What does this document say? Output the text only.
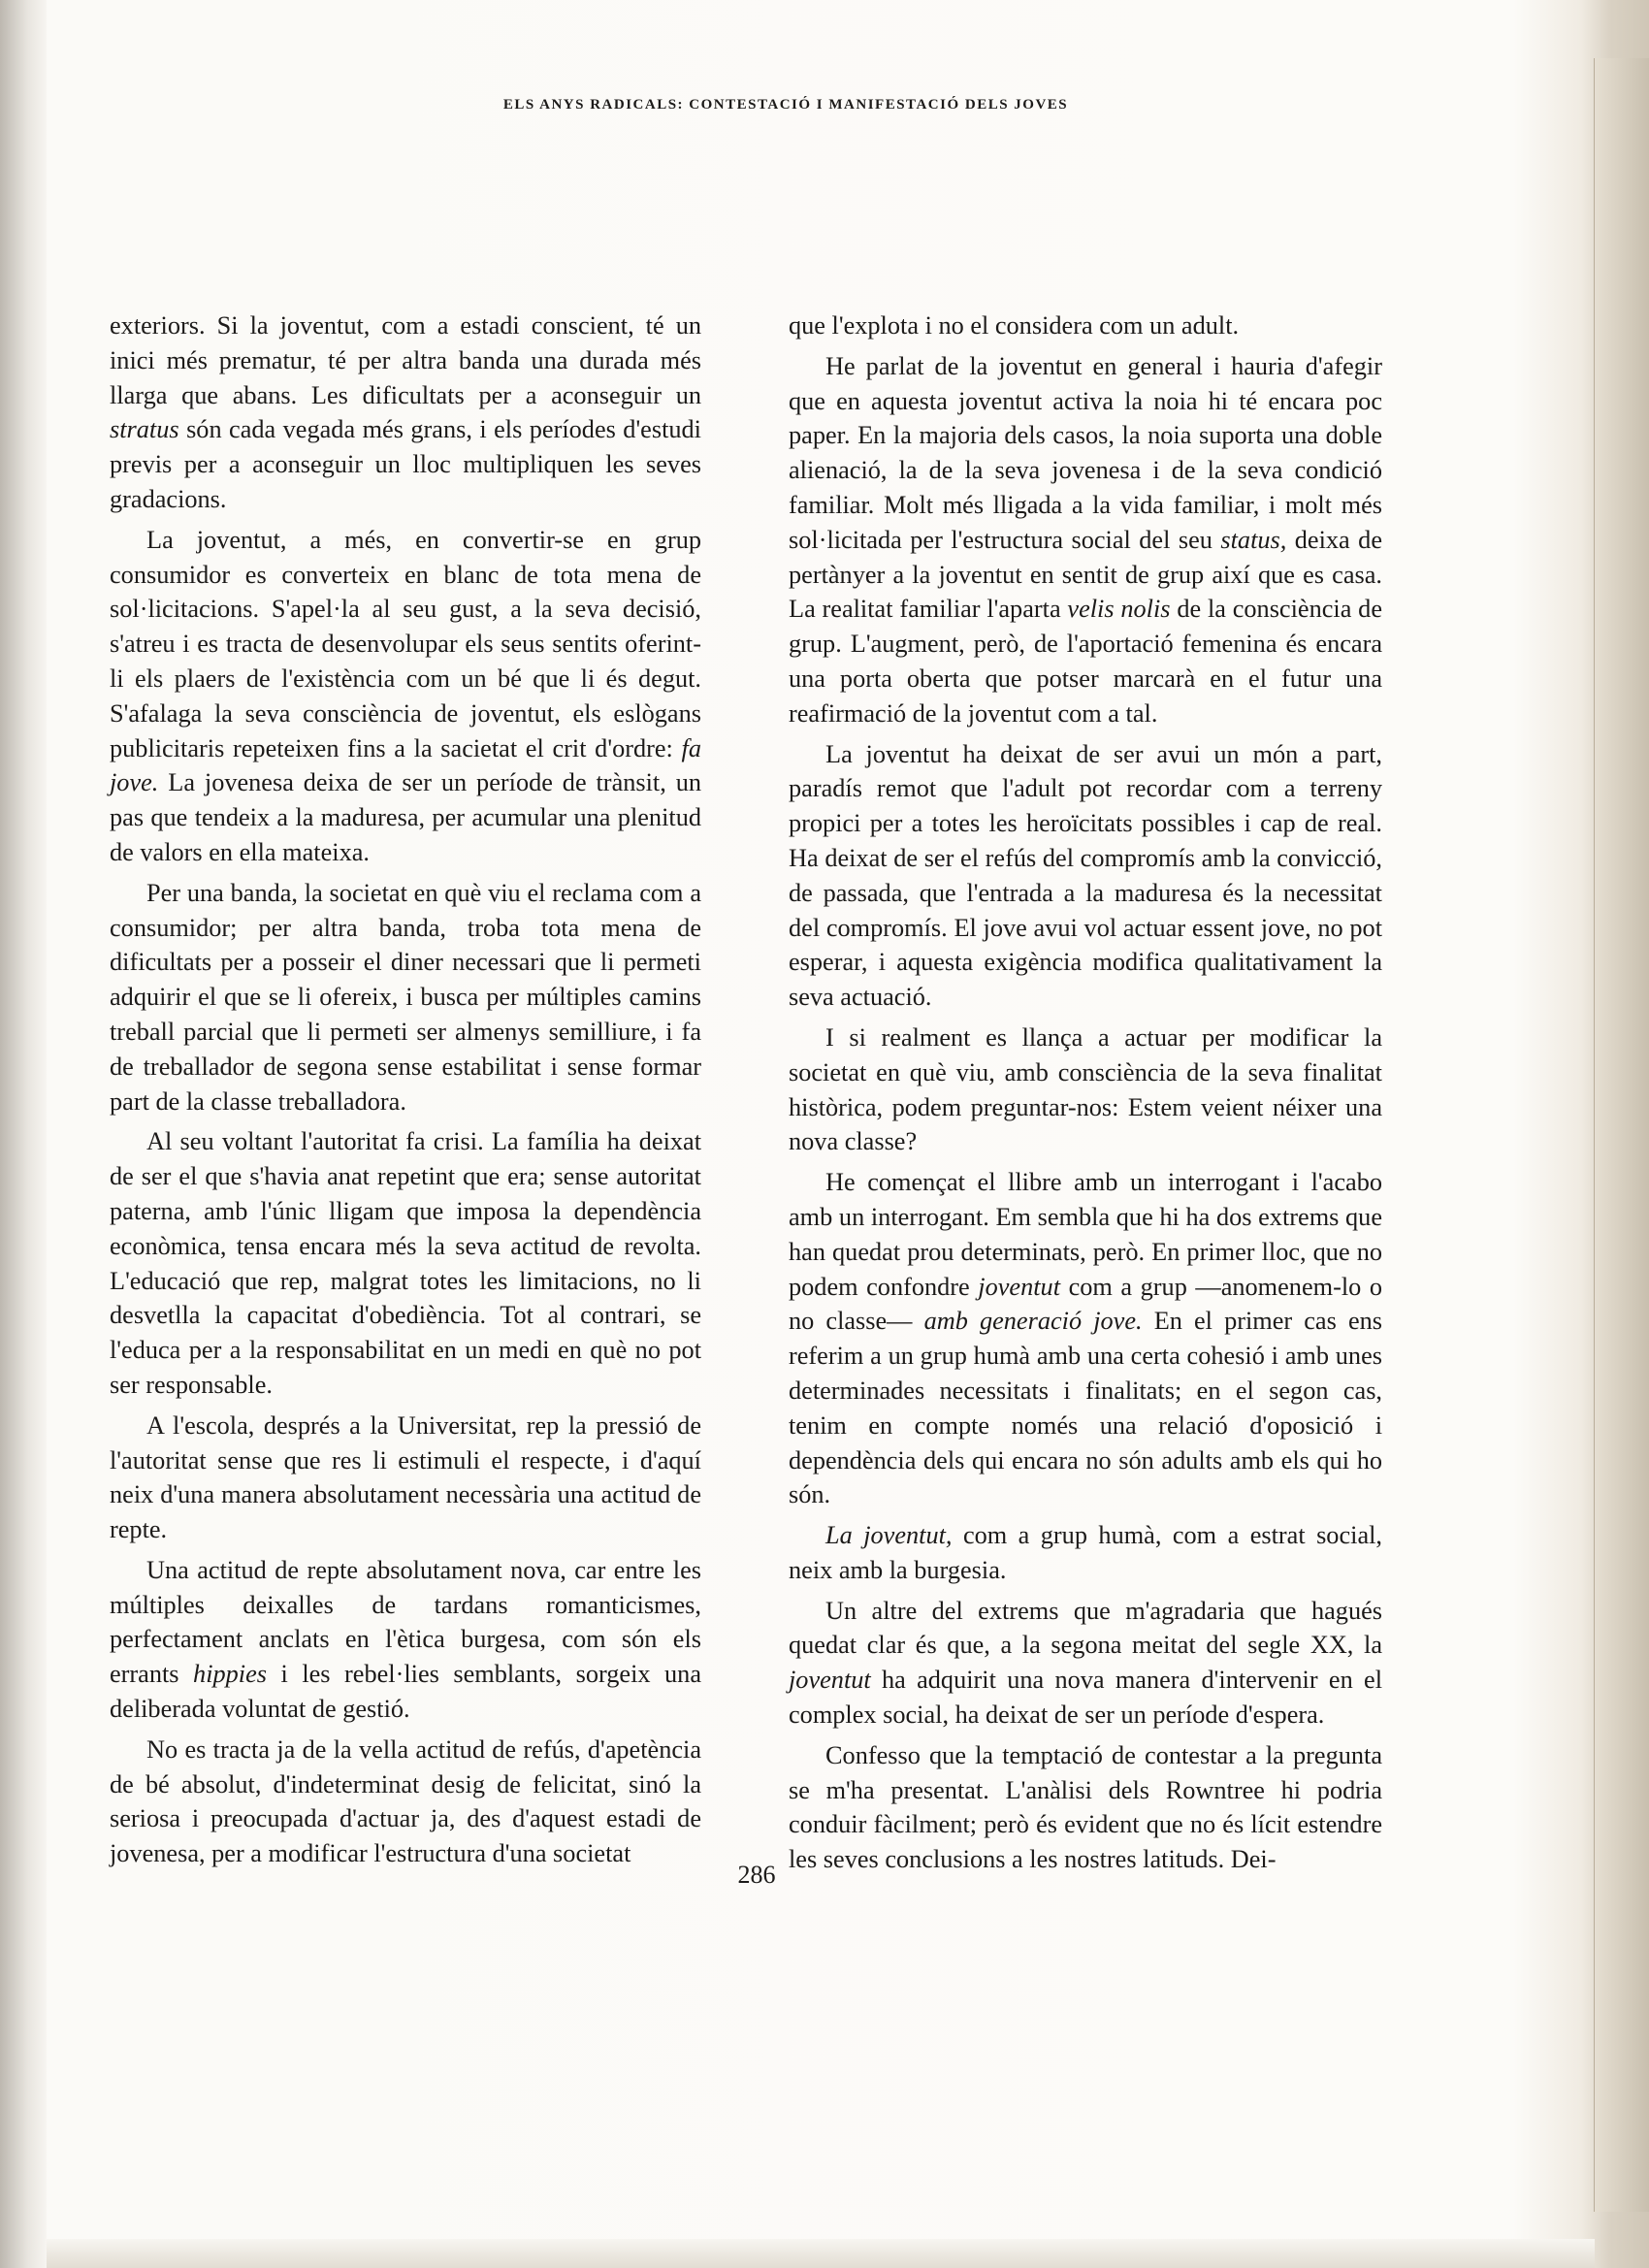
ELS ANYS RADICALS: CONTESTACIÓ I MANIFESTACIÓ DELS JOVES

exteriors. Si la joventut, com a estadi conscient, té un inici més prematur, té per altra banda una durada més llarga que abans. Les dificultats per a aconseguir un stratus són cada vegada més grans, i els períodes d'estudi previs per a aconseguir un lloc multipliquen les seves gradacions.

La joventut, a més, en convertir-se en grup consumidor es converteix en blanc de tota mena de sol·licitacions. S'apel·la al seu gust, a la seva decisió, s'atreu i es tracta de desenvolupar els seus sentits oferint-li els plaers de l'existència com un bé que li és degut. S'afalaga la seva consciència de joventut, els eslògans publicitaris repeteixen fins a la sacietat el crit d'ordre: fa jove. La jovenesa deixa de ser un període de trànsit, un pas que tendeix a la maduresa, per acumular una plenitud de valors en ella mateixa.

Per una banda, la societat en què viu el reclama com a consumidor; per altra banda, troba tota mena de dificultats per a posseir el diner necessari que li permeti adquirir el que se li ofereix, i busca per múltiples camins treball parcial que li permeti ser almenys semilliure, i fa de treballador de segona sense estabilitat i sense formar part de la classe treballadora.

Al seu voltant l'autoritat fa crisi. La família ha deixat de ser el que s'havia anat repetint que era; sense autoritat paterna, amb l'únic lligam que imposa la dependència econòmica, tensa encara més la seva actitud de revolta. L'educació que rep, malgrat totes les limitacions, no li desvetlla la capacitat d'obediència. Tot al contrari, se l'educa per a la responsabilitat en un medi en què no pot ser responsable.

A l'escola, després a la Universitat, rep la pressió de l'autoritat sense que res li estimuli el respecte, i d'aquí neix d'una manera absolutament necessària una actitud de repte.

Una actitud de repte absolutament nova, car entre les múltiples deixalles de tardans romanticismes, perfectament anclats en l'ètica burgesa, com són els errants hippies i les rebel·lies semblants, sorgeix una deliberada voluntat de gestió.

No es tracta ja de la vella actitud de refús, d'apetència de bé absolut, d'indeterminat desig de felicitat, sinó la seriosa i preocupada d'actuar ja, des d'aquest estadi de jovenesa, per a modificar l'estructura d'una societat

que l'explota i no el considera com un adult.

He parlat de la joventut en general i hauria d'afegir que en aquesta joventut activa la noia hi té encara poc paper. En la majoria dels casos, la noia suporta una doble alienació, la de la seva jovenesa i de la seva condició familiar. Molt més lligada a la vida familiar, i molt més sol·licitada per l'estructura social del seu status, deixa de pertànyer a la joventut en sentit de grup així que es casa. La realitat familiar l'aparta velis nolis de la consciència de grup. L'augment, però, de l'aportació femenina és encara una porta oberta que potser marcarà en el futur una reafirmació de la joventut com a tal.

La joventut ha deixat de ser avui un món a part, paradís remot que l'adult pot recordar com a terreny propici per a totes les heroïcitats possibles i cap de real. Ha deixat de ser el refús del compromís amb la convicció, de passada, que l'entrada a la maduresa és la necessitat del compromís. El jove avui vol actuar essent jove, no pot esperar, i aquesta exigència modifica qualitativament la seva actuació.

I si realment es llança a actuar per modificar la societat en què viu, amb consciència de la seva finalitat històrica, podem preguntar-nos: Estem veient néixer una nova classe?

He començat el llibre amb un interrogant i l'acabo amb un interrogant. Em sembla que hi ha dos extrems que han quedat prou determinats, però. En primer lloc, que no podem confondre joventut com a grup —anomenem-lo o no classe— amb generació jove. En el primer cas ens referim a un grup humà amb una certa cohesió i amb unes determinades necessitats i finalitats; en el segon cas, tenim en compte només una relació d'oposició i dependència dels qui encara no són adults amb els qui ho són.

La joventut, com a grup humà, com a estrat social, neix amb la burgesia.

Un altre del extrems que m'agradaria que hagués quedat clar és que, a la segona meitat del segle XX, la joventut ha adquirit una nova manera d'intervenir en el complex social, ha deixat de ser un període d'espera.

Confesso que la temptació de contestar a la pregunta se m'ha presentat. L'anàlisi dels Rowntree hi podria conduir fàcilment; però és evident que no és lícit estendre les seves conclusions a les nostres latituds. Dei-

286
